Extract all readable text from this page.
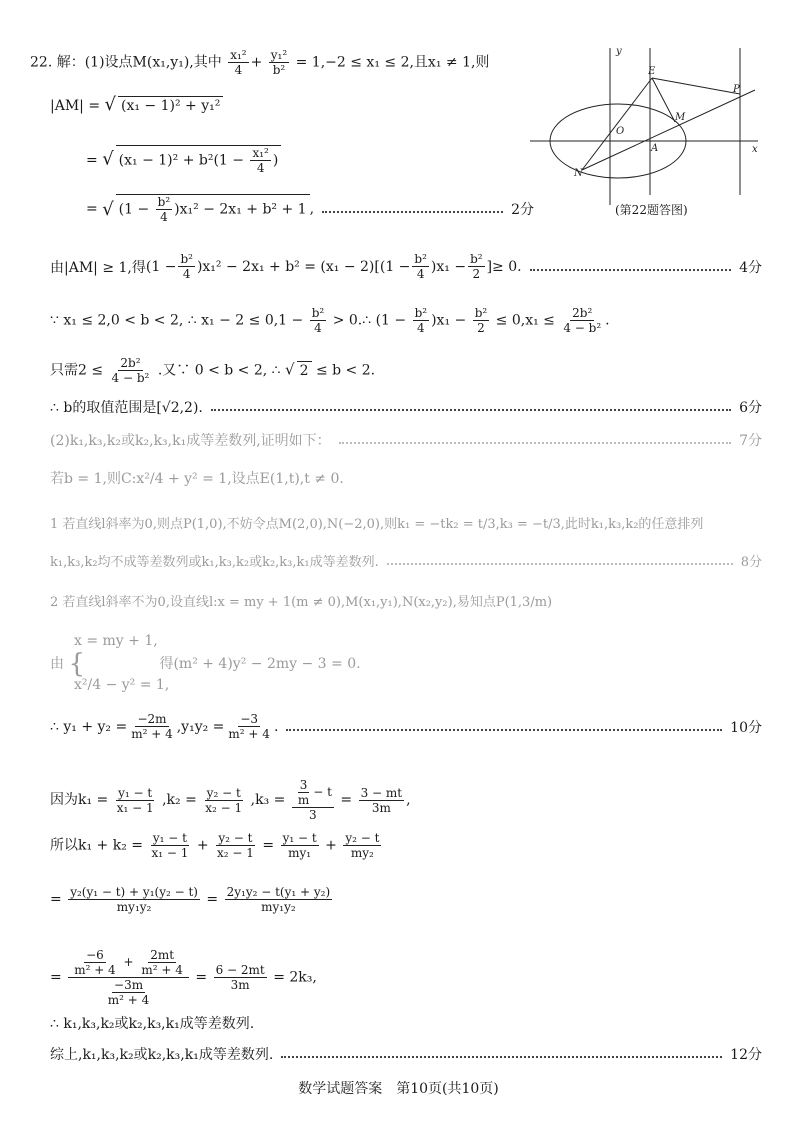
22. 解：(1)设点M(x₁,y₁),其中 $\frac{\text{x₁²}}{4} + \frac{\text{y₁²}}{\text{b²}} = 1,-2 \le x_1 \le 2$,且x₁ ≠ 1,则
|AM| = √ (x₁ − 1)² + y₁²
= √ $(x_1 - 1)^2 + b^2(1 - \frac{\text{x₁²}}{4}$ )
=
√ $(1 - \frac{\text{b²}}{4} )x_1^2 - 2x_1 + b^2 + 1$ ,	2分
y
x
E
P
M
O
A
N
(第22题答图)
由|AM| ≥ 1,得 ($1 - \frac{\text{b²}}{4}$ ) x₁² − 2x₁ + b² = (x₁ − 2) [$(1 - \frac{\text{b²}}{4} )x_1 - \frac{\text{b²}}{2}$ ] ≥ 0.	4分
∵ x₁ ≤ 2,0 < b < 2, ∴ $x_1 - 2 \le 0,1 - \frac{\text{b²}}{4}$ > 0.∴ $(1 - \frac{\text{b²}}{4} )x_1 - \frac{\text{b²}}{2} \le 0,x_1 \le \frac{\text{2b²}}{\text{4 − b²}}$ .
只需$2 \le \frac{\text{2b²}}{\text{4 − b²}}$ .又∵ 0 < b < 2, ∴ √ 2 ≤ b < 2.
∴ b的取值范围是[√2,2).	6分
(2)k₁,k₃,k₂或k₂,k₃,k₁成等差数列,证明如下：	7分
若b = 1,则C:x²/4 + y² = 1,设点E(1,t),t ≠ 0.
1 若直线l斜率为0,则点P(1,0),不妨令点M(2,0),N(−2,0),则k₁ = −tk₂ = t/3,k₃ = −t/3,此时k₁,k₃,k₂的任意排列
k₁,k₃,k₂均不成等差数列或k₁,k₃,k₂或k₂,k₃,k₁成等差数列.	8分
2 若直线l斜率不为0,设直线l:x = my + 1(m ≠ 0),M(x₁,y₁),N(x₂,y₂),易知点P(1,3/m)
x = my + 1,
由 {	得(m² + 4)y² − 2my − 3 = 0.
x²/4 − y² = 1,
∴ $y_1 + y_2 = \frac{-2m}{\text{m² + 4}} ,y_1y_2 = \frac{-3}{\text{m² + 4}}$ .	10分
因为$k_1 = \frac{\text{y₁ − t}}{\text{x₁ − 1}} ,k_2 = \frac{\text{y₂ − t}}{\text{x₂ − 1}} ,k_3 = \frac{\frac{3}{m} - t}{3} = \frac{3 - mt}{3m}$ ,
所以$k_1 + k_2 = \frac{\text{y₁ − t}}{\text{x₁ − 1}} + \frac{\text{y₂ − t}}{\text{x₂ − 1}} = \frac{\text{y₁ − t}}{\text{my₁}} + \frac{\text{y₂ − t}}{\text{my₂}}$
= $\frac{\text{y₂(y₁ − t) + y₁(y₂ − t)}}{\text{my₁y₂}} = \frac{\text{2y₁y₂ − t(y₁ + y₂)}}{\text{my₁y₂}}$
= $\frac{\frac{-6}{\text{m² + 4}} + \frac{2mt}{\text{m² + 4}}}{\frac{-3m}{\text{m² + 4}}} = \frac{6 - 2mt}{3m} = 2k_3$,
∴ k₁,k₃,k₂或k₂,k₃,k₁成等差数列.
综上,k₁,k₃,k₂或k₂,k₃,k₁成等差数列.	12分
数学试题答案　第10页(共10页)
